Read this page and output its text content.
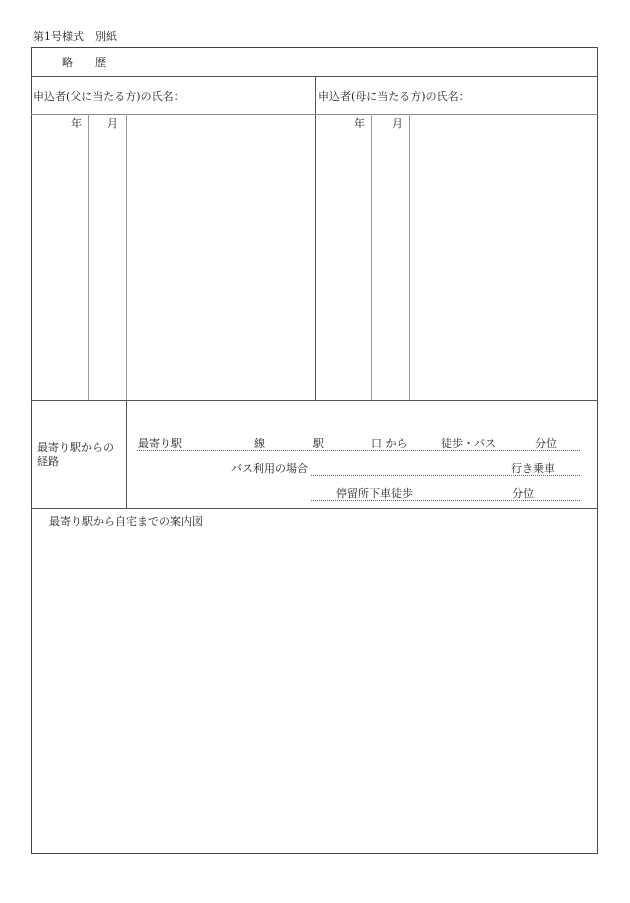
第1号様式　別紙
略　　歴
申込者(父に当たる方)の氏名：	申込者(母に当たる方)の氏名：
年 月	年 月
最寄り駅からの
経路
最寄り駅	線	駅	口 から	徒歩・バス	分位
バス利用の場合	行き乗車
停留所下車徒歩	分位
最寄り駅から自宅までの案内図
